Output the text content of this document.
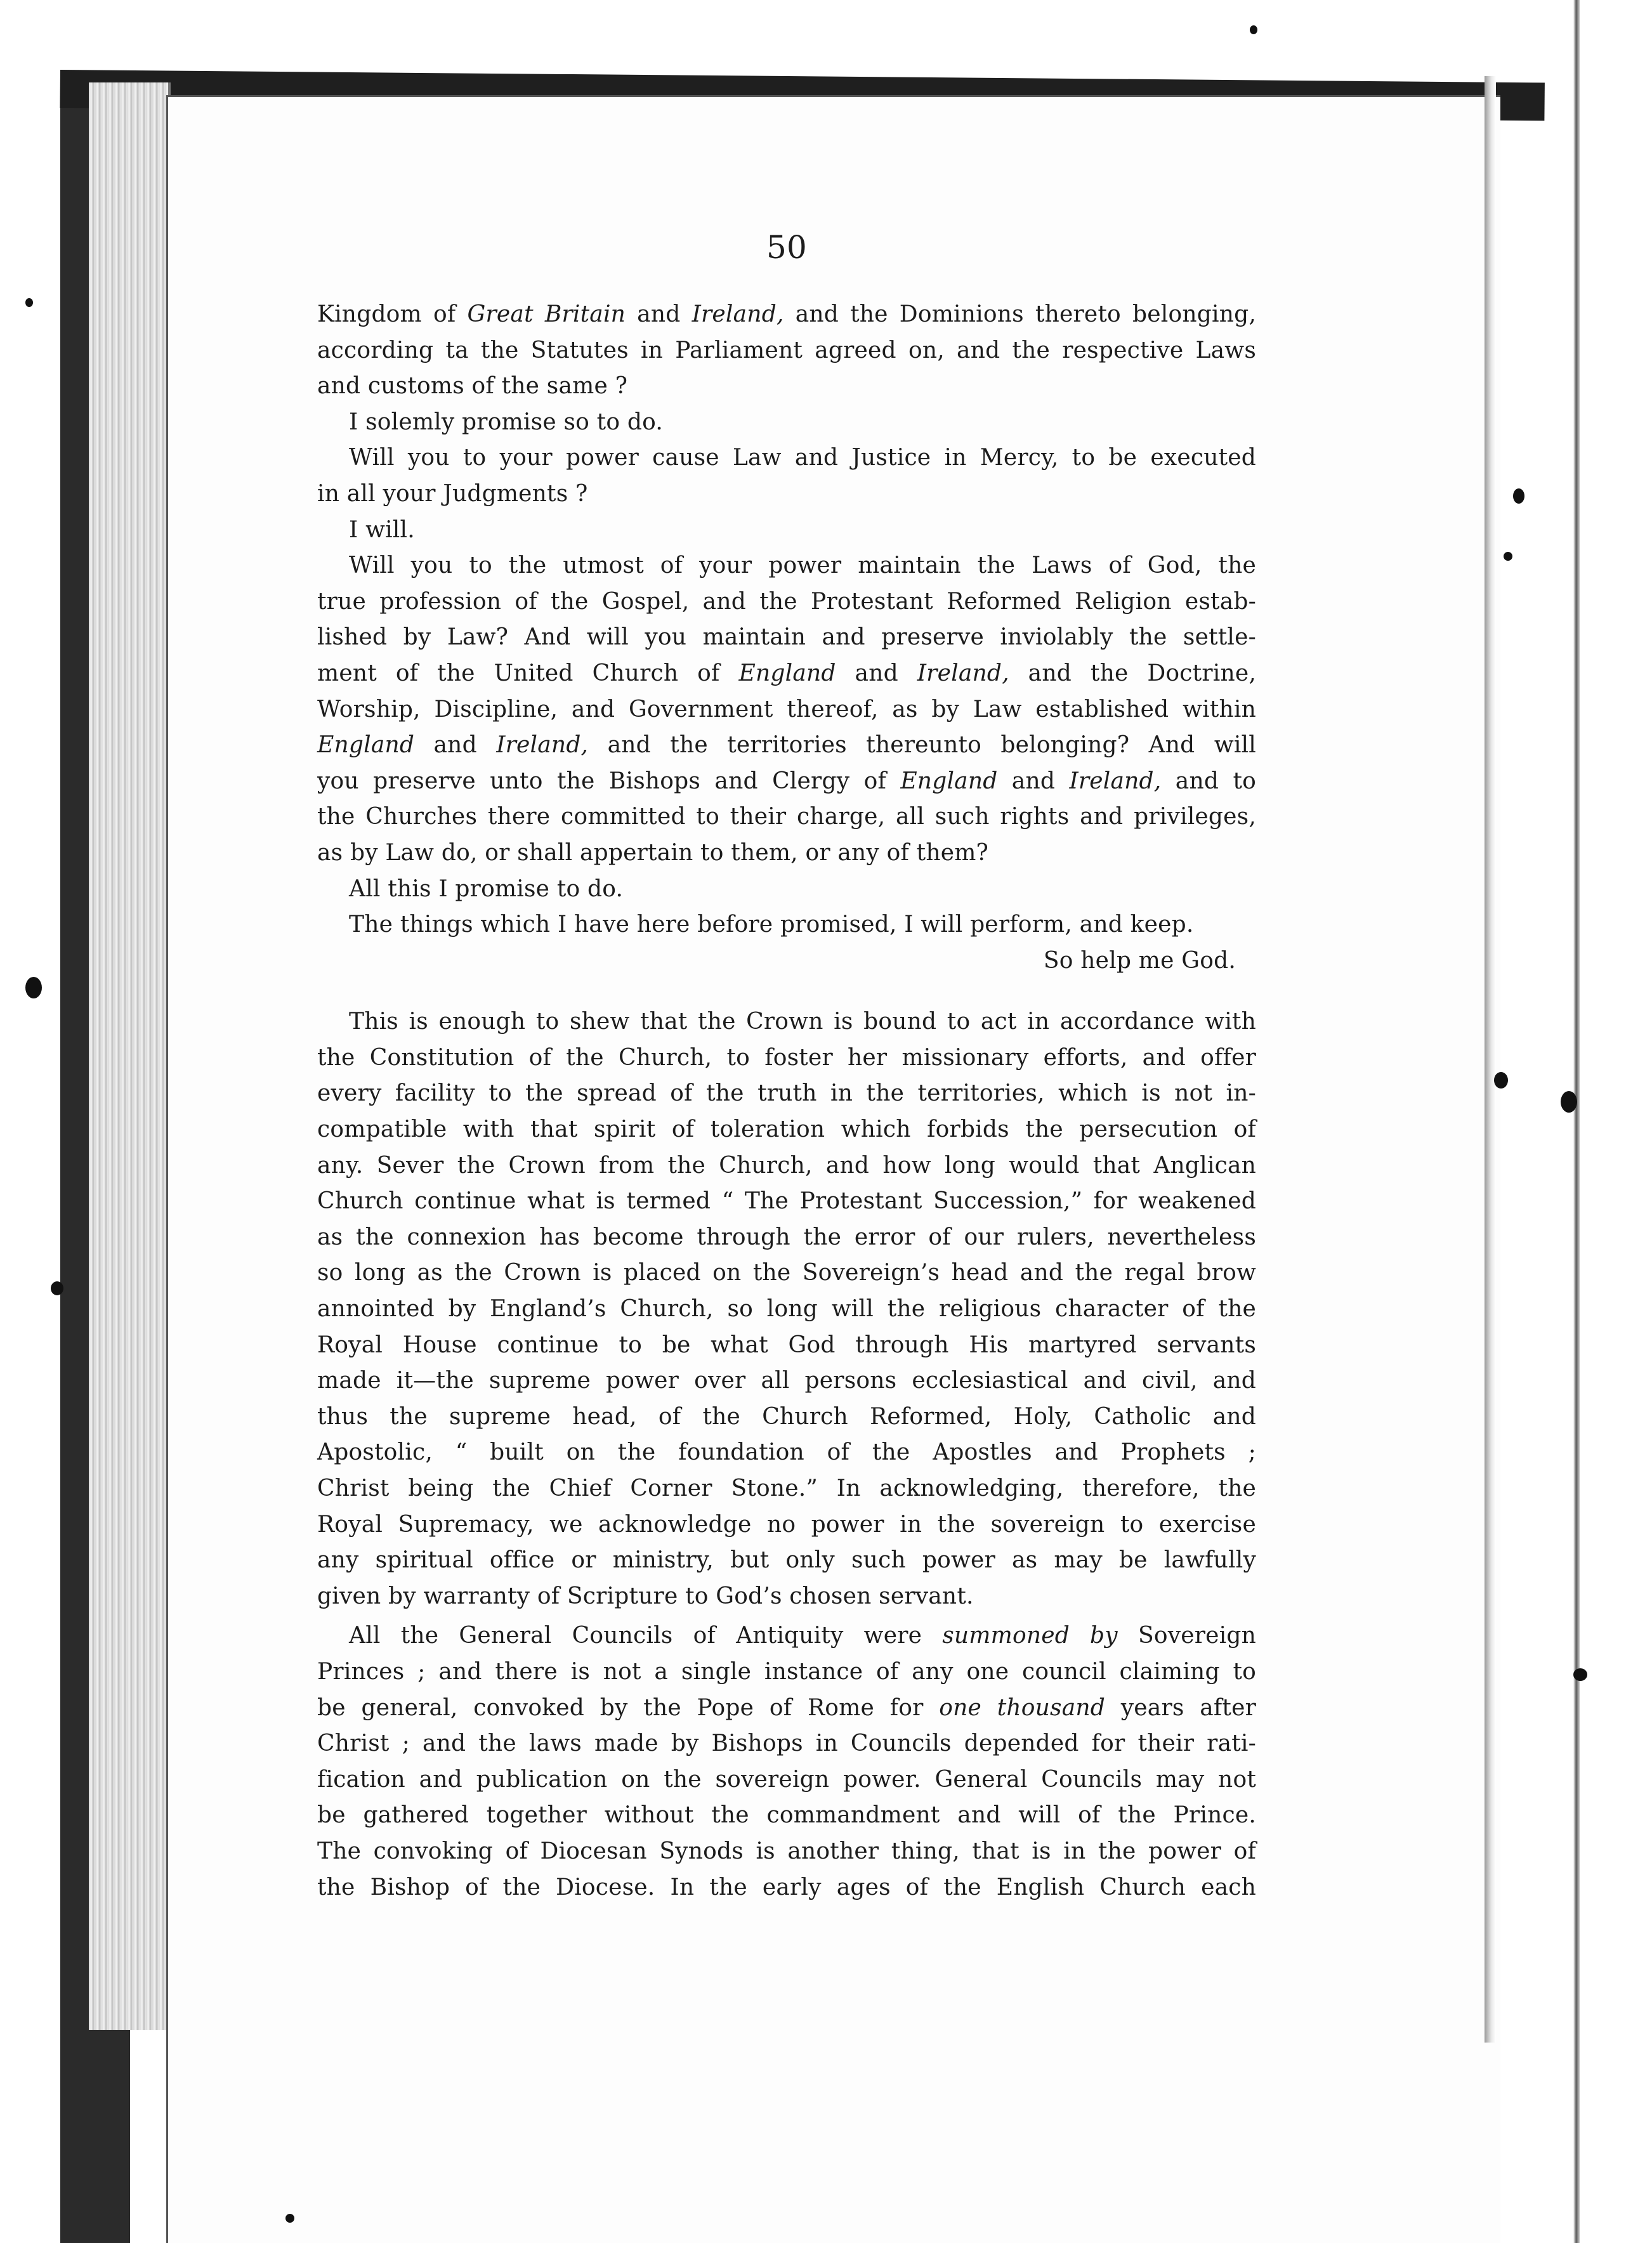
50
Kingdom of Great Britain and Ireland, and the Dominions thereto belonging,
according ta the Statutes in Parliament agreed on, and the respective Laws
and customs of the same ?
I solemly promise so to do.
Will you to your power cause Law and Justice in Mercy, to be executed
in all your Judgments ?
I will.
Will you to the utmost of your power maintain the Laws of God, the
true profession of the Gospel, and the Protestant Reformed Religion estab-
lished by Law? And will you maintain and preserve inviolably the settle-
ment of the United Church of England and Ireland, and the Doctrine,
Worship, Discipline, and Government thereof, as by Law established within
England and Ireland, and the territories thereunto belonging? And will
you preserve unto the Bishops and Clergy of England and Ireland, and to
the Churches there committed to their charge, all such rights and privileges,
as by Law do, or shall appertain to them, or any of them?
All this I promise to do.
The things which I have here before promised, I will perform, and keep.
So help me God.
This is enough to shew that the Crown is bound to act in accordance with
the Constitution of the Church, to foster her missionary efforts, and offer
every facility to the spread of the truth in the territories, which is not in-
compatible with that spirit of toleration which forbids the persecution of
any. Sever the Crown from the Church, and how long would that Anglican
Church continue what is termed “ The Protestant Succession,” for weakened
as the connexion has become through the error of our rulers, nevertheless
so long as the Crown is placed on the Sovereign’s head and the regal brow
annointed by England’s Church, so long will the religious character of the
Royal House continue to be what God through His martyred servants
made it—the supreme power over all persons ecclesiastical and civil, and
thus the supreme head, of the Church Reformed, Holy, Catholic and
Apostolic, “ built on the foundation of the Apostles and Prophets ;
Christ being the Chief Corner Stone.” In acknowledging, therefore, the
Royal Supremacy, we acknowledge no power in the sovereign to exercise
any spiritual office or ministry, but only such power as may be lawfully
given by warranty of Scripture to God’s chosen servant.
All the General Councils of Antiquity were summoned by Sovereign
Princes ; and there is not a single instance of any one council claiming to
be general, convoked by the Pope of Rome for one thousand years after
Christ ; and the laws made by Bishops in Councils depended for their rati-
fication and publication on the sovereign power. General Councils may not
be gathered together without the commandment and will of the Prince.
The convoking of Diocesan Synods is another thing, that is in the power of
the Bishop of the Diocese. In the early ages of the English Church each
